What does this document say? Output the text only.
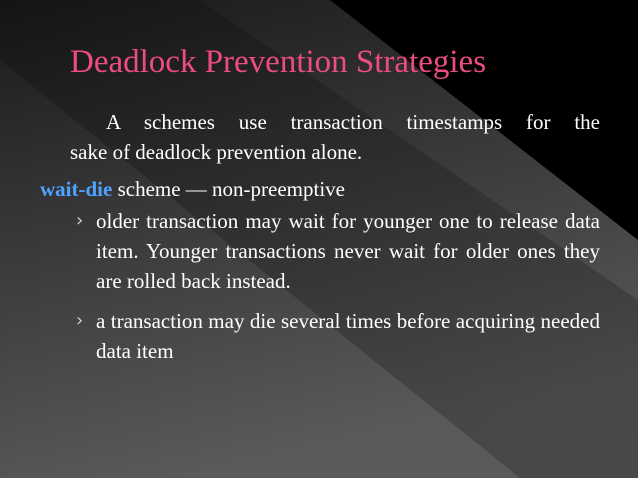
Deadlock Prevention Strategies
A schemes use transaction timestamps for the
sake of deadlock prevention alone.
wait-die scheme — non-preemptive
› older transaction may wait for younger one to release data item. Younger transactions never wait for older ones they are rolled back instead.
› a transaction may die several times before acquiring needed data item
